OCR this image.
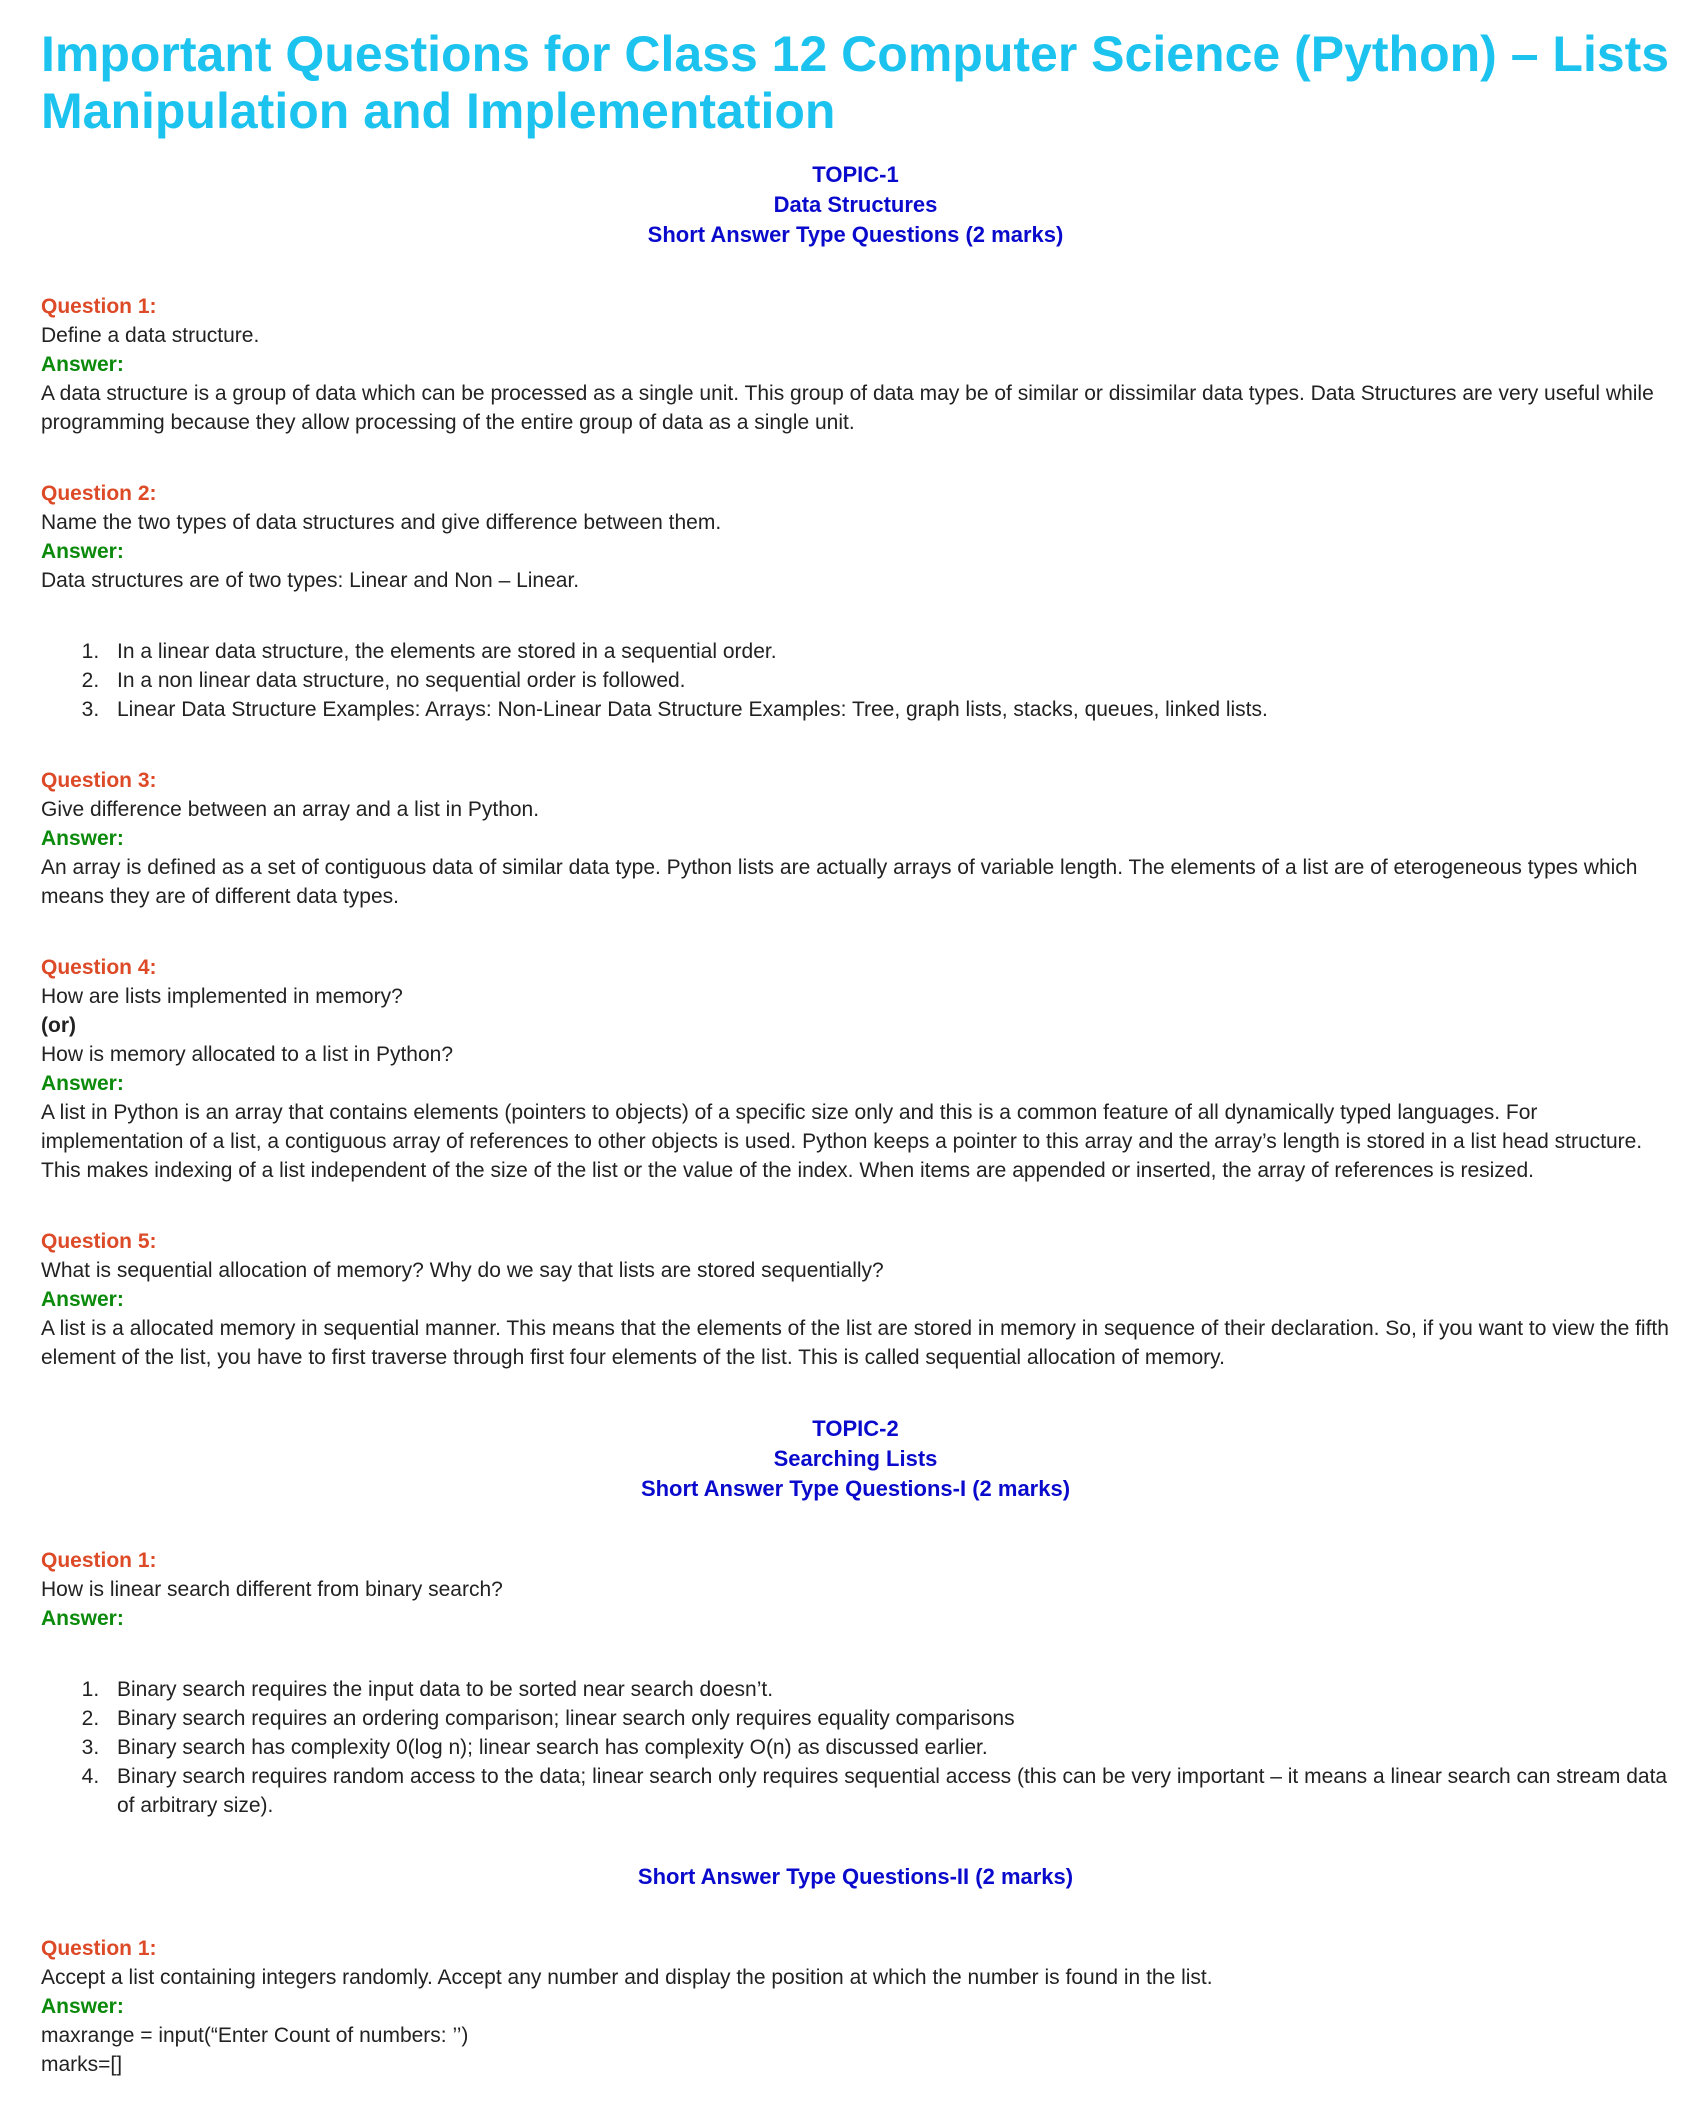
Important Questions for Class 12 Computer Science (Python) – Lists Manipulation and Implementation
TOPIC-1
Data Structures
Short Answer Type Questions (2 marks)
Question 1:

Define a data structure.

Answer:

A data structure is a group of data which can be processed as a single unit. This group of data may be of similar or dissimilar data types. Data Structures are very useful while programming because they allow processing of the entire group of data as a single unit.

Question 2:

Name the two types of data structures and give difference between them.

Answer:

Data structures are of two types: Linear and Non – Linear.

1. In a linear data structure, the elements are stored in a sequential order.
2. In a non linear data structure, no sequential order is followed.
3. Linear Data Structure Examples: Arrays: Non-Linear Data Structure Examples: Tree, graph lists, stacks, queues, linked lists.
Question 3:

Give difference between an array and a list in Python.

Answer:

An array is defined as a set of contiguous data of similar data type. Python lists are actually arrays of variable length. The elements of a list are of eterogeneous types which means they are of different data types.

Question 4:

How are lists implemented in memory?

(or)

How is memory allocated to a list in Python?

Answer:

A list in Python is an array that contains elements (pointers to objects) of a specific size only and this is a common feature of all dynamically typed languages. For implementation of a list, a contiguous array of references to other objects is used. Python keeps a pointer to this array and the array’s length is stored in a list head structure. This makes indexing of a list independent of the size of the list or the value of the index. When items are appended or inserted, the array of references is resized.

Question 5:

What is sequential allocation of memory? Why do we say that lists are stored sequentially?

Answer:

A list is a allocated memory in sequential manner. This means that the elements of the list are stored in memory in sequence of their declaration. So, if you want to view the fifth element of the list, you have to first traverse through first four elements of the list. This is called sequential allocation of memory.

TOPIC-2
Searching Lists
Short Answer Type Questions-I (2 marks)
Question 1:

How is linear search different from binary search?

Answer:
1. Binary search requires the input data to be sorted near search doesn’t.
2. Binary search requires an ordering comparison; linear search only requires equality comparisons
3. Binary search has complexity 0(log n); linear search has complexity O(n) as discussed earlier.
4. Binary search requires random access to the data; linear search only requires sequential access (this can be very important – it means a linear search can stream data of arbitrary size).
Short Answer Type Questions-II (2 marks)
Question 1:

Accept a list containing integers randomly. Accept any number and display the position at which the number is found in the list.

Answer:

maxrange = input(“Enter Count of numbers: ’’)

marks=[]
